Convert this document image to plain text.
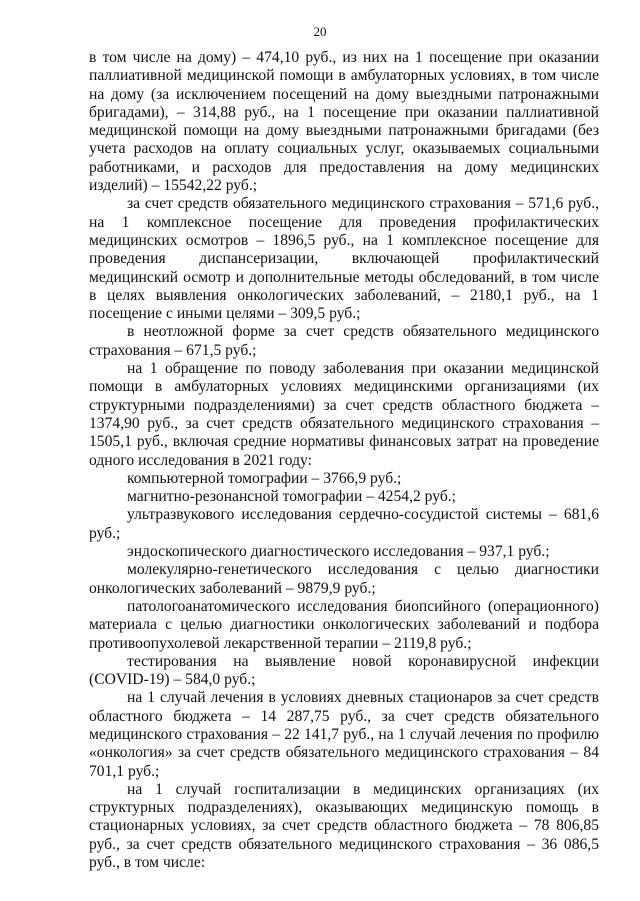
20

в том числе на дому) – 474,10 руб., из них на 1 посещение при оказании паллиативной медицинской помощи в амбулаторных условиях, в том числе на дому (за исключением посещений на дому выездными патронажными бригадами), – 314,88 руб., на 1 посещение при оказании паллиативной медицинской помощи на дому выездными патронажными бригадами (без учета расходов на оплату социальных услуг, оказываемых социальными работниками, и расходов для предоставления на дому медицинских изделий) – 15542,22 руб.;

за счет средств обязательного медицинского страхования – 571,6 руб., на 1 комплексное посещение для проведения профилактических медицинских осмотров – 1896,5 руб., на 1 комплексное посещение для проведения диспансеризации, включающей профилактический медицинский осмотр и дополнительные методы обследований, в том числе в целях выявления онкологических заболеваний, – 2180,1 руб., на 1 посещение с иными целями – 309,5 руб.;

в неотложной форме за счет средств обязательного медицинского страхования – 671,5 руб.;

на 1 обращение по поводу заболевания при оказании медицинской помощи в амбулаторных условиях медицинскими организациями (их структурными подразделениями) за счет средств областного бюджета – 1374,90 руб., за счет средств обязательного медицинского страхования – 1505,1 руб., включая средние нормативы финансовых затрат на проведение одного исследования в 2021 году:

компьютерной томографии – 3766,9 руб.;

магнитно-резонансной томографии – 4254,2 руб.;

ультразвукового исследования сердечно-сосудистой системы – 681,6 руб.;

эндоскопического диагностического исследования – 937,1 руб.;

молекулярно-генетического исследования с целью диагностики онкологических заболеваний – 9879,9 руб.;

патологоанатомического исследования биопсийного (операционного) материала с целью диагностики онкологических заболеваний и подбора противоопухолевой лекарственной терапии – 2119,8 руб.;

тестирования на выявление новой коронавирусной инфекции (COVID-19) – 584,0 руб.;

на 1 случай лечения в условиях дневных стационаров за счет средств областного бюджета – 14 287,75 руб., за счет средств обязательного медицинского страхования – 22 141,7 руб., на 1 случай лечения по профилю «онкология» за счет средств обязательного медицинского страхования – 84 701,1 руб.;

на 1 случай госпитализации в медицинских организациях (их структурных подразделениях), оказывающих медицинскую помощь в стационарных условиях, за счет средств областного бюджета – 78 806,85 руб., за счет средств обязательного медицинского страхования – 36 086,5 руб., в том числе:
